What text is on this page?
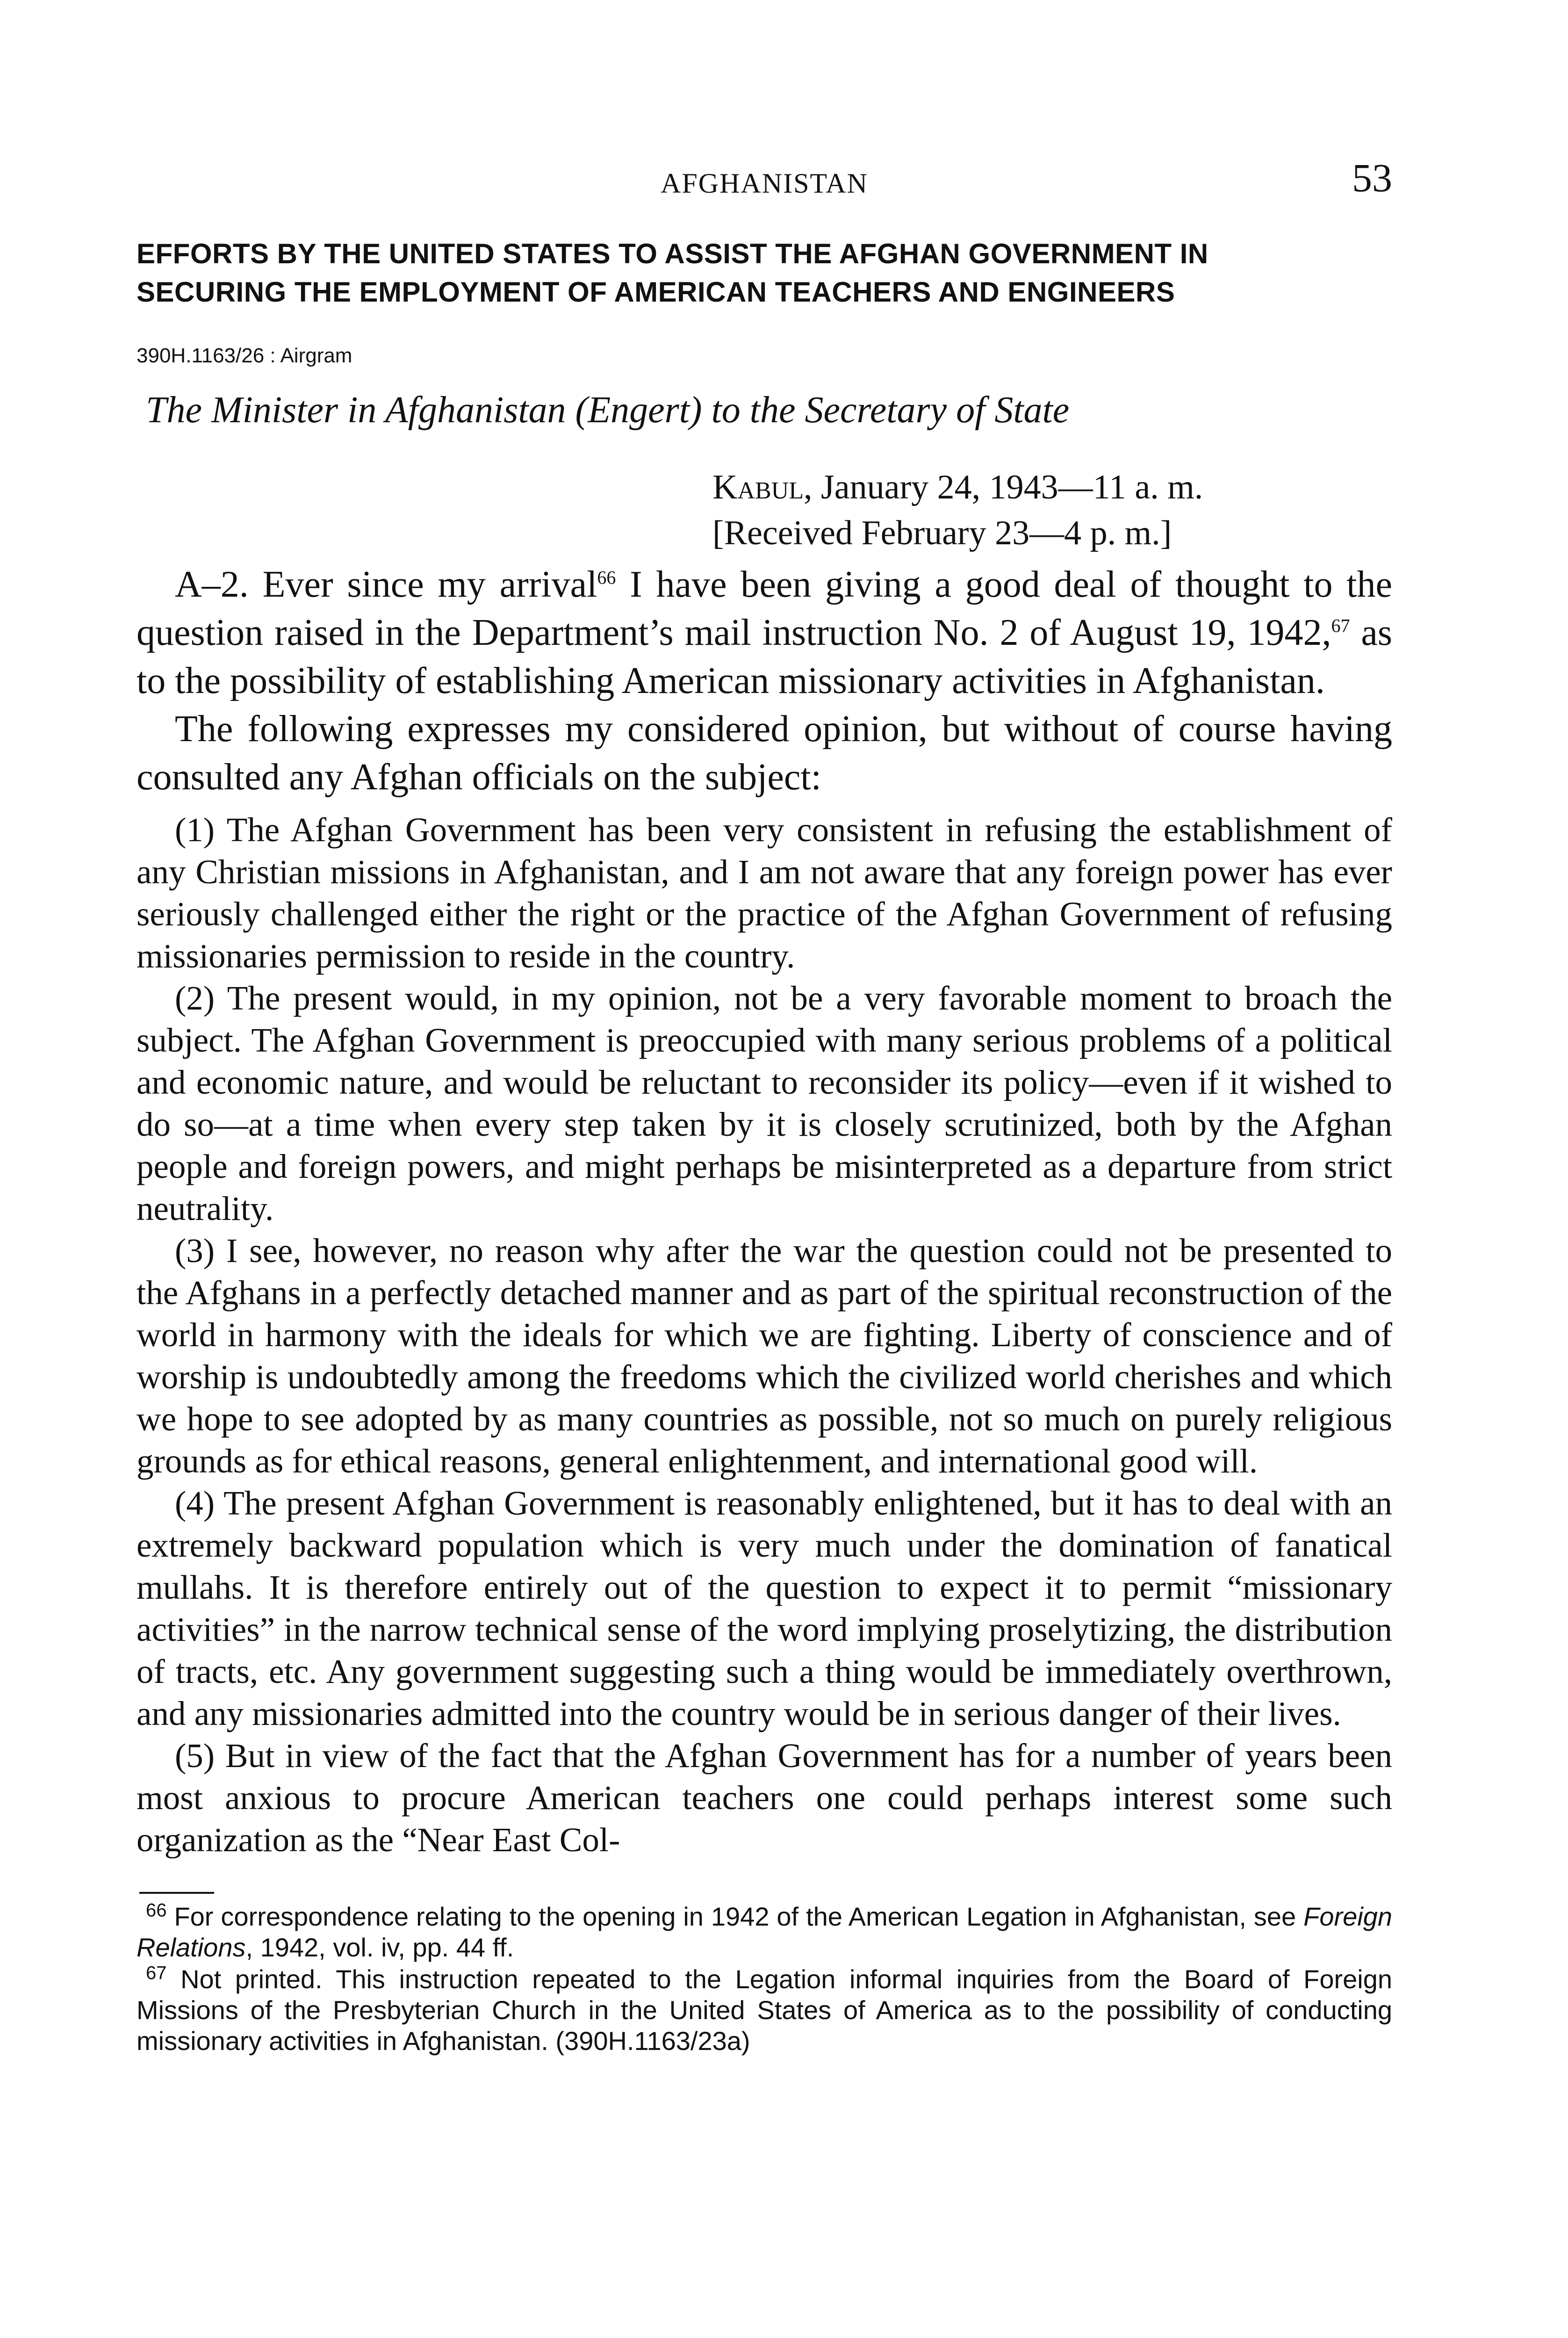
AFGHANISTAN	53
EFFORTS BY THE UNITED STATES TO ASSIST THE AFGHAN GOVERNMENT IN SECURING THE EMPLOYMENT OF AMERICAN TEACHERS AND ENGINEERS
390H.1163/26 : Airgram
The Minister in Afghanistan (Engert) to the Secretary of State
Kabul, January 24, 1943—11 a. m.
[Received February 23—4 p. m.]

A–2. Ever since my arrival$^{66}$ I have been giving a good deal of thought to the question raised in the Department’s mail instruction No. 2 of August 19, 1942,67 as to the possibility of establishing American missionary activities in Afghanistan.

The following expresses my considered opinion, but without of course having consulted any Afghan officials on the subject:

(1) The Afghan Government has been very consistent in refusing the establishment of any Christian missions in Afghanistan, and I am not aware that any foreign power has ever seriously challenged either the right or the practice of the Afghan Government of refusing missionaries permission to reside in the country.

(2) The present would, in my opinion, not be a very favorable moment to broach the subject. The Afghan Government is preoccupied with many serious problems of a political and economic nature, and would be reluctant to reconsider its policy—even if it wished to do so—at a time when every step taken by it is closely scrutinized, both by the Afghan people and foreign powers, and might perhaps be misinterpreted as a departure from strict neutrality.

(3) I see, however, no reason why after the war the question could not be presented to the Afghans in a perfectly detached manner and as part of the spiritual reconstruction of the world in harmony with the ideals for which we are fighting. Liberty of conscience and of worship is undoubtedly among the freedoms which the civilized world cherishes and which we hope to see adopted by as many countries as possible, not so much on purely religious grounds as for ethical reasons, general enlightenment, and international good will.

(4) The present Afghan Government is reasonably enlightened, but it has to deal with an extremely backward population which is very much under the domination of fanatical mullahs. It is therefore entirely out of the question to expect it to permit “missionary activities” in the narrow technical sense of the word implying proselytizing, the distribution of tracts, etc. Any government suggesting such a thing would be immediately overthrown, and any missionaries admitted into the country would be in serious danger of their lives.

(5) But in view of the fact that the Afghan Government has for a number of years been most anxious to procure American teachers one could perhaps interest some such organization as the “Near East Col-

$^{66}$ For correspondence relating to the opening in 1942 of the American Legation in Afghanistan, see Foreign Relations, 1942, vol. iv, pp. 44 ff.

$^{67}$ Not printed. This instruction repeated to the Legation informal inquiries from the Board of Foreign Missions of the Presbyterian Church in the United States of America as to the possibility of conducting missionary activities in Afghanistan. (390H.1163/23a)
